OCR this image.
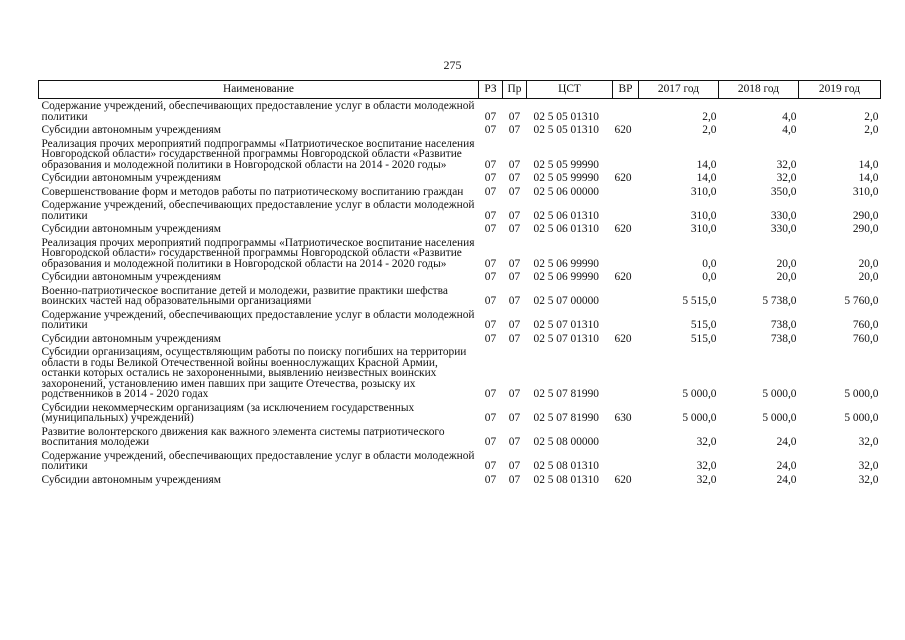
275
Наименование	РЗ	Пр	ЦСТ	ВР	2017 год	2018 год	2019 год
Содержание учреждений, обеспечивающих предоставление услуг в области молодежной политики	07	07	02 5 05 01310		2,0	4,0	2,0
Субсидии автономным учреждениям	07	07	02 5 05 01310	620	2,0	4,0	2,0
Реализация прочих мероприятий подпрограммы «Патриотическое воспитание населения Новгородской области» государственной программы Новгородской области «Развитие образования и молодежной политики в Новгородской области на 2014 - 2020 годы»	07	07	02 5 05 99990		14,0	32,0	14,0
Субсидии автономным учреждениям	07	07	02 5 05 99990	620	14,0	32,0	14,0
Совершенствование форм и методов работы по патриотическому воспитанию граждан	07	07	02 5 06 00000		310,0	350,0	310,0
Содержание учреждений, обеспечивающих предоставление услуг в области молодежной политики	07	07	02 5 06 01310		310,0	330,0	290,0
Субсидии автономным учреждениям	07	07	02 5 06 01310	620	310,0	330,0	290,0
Реализация прочих мероприятий подпрограммы «Патриотическое воспитание населения Новгородской области» государственной программы Новгородской области «Развитие образования и молодежной политики в Новгородской области на 2014 - 2020 годы»	07	07	02 5 06 99990		0,0	20,0	20,0
Субсидии автономным учреждениям	07	07	02 5 06 99990	620	0,0	20,0	20,0
Военно-патриотическое воспитание детей и молодежи, развитие практики шефства воинских частей над образовательными организациями	07	07	02 5 07 00000		5 515,0	5 738,0	5 760,0
Содержание учреждений, обеспечивающих предоставление услуг в области молодежной политики	07	07	02 5 07 01310		515,0	738,0	760,0
Субсидии автономным учреждениям	07	07	02 5 07 01310	620	515,0	738,0	760,0
Субсидии организациям, осуществляющим работы по поиску погибших на территории области в годы Великой Отечественной войны военнослужащих Красной Армии, останки которых остались не захороненными, выявлению неизвестных воинских захоронений, установлению имен павших при защите Отечества, розыску их родственников в 2014 - 2020 годах	07	07	02 5 07 81990		5 000,0	5 000,0	5 000,0
Субсидии некоммерческим организациям (за исключением государственных (муниципальных) учреждений)	07	07	02 5 07 81990	630	5 000,0	5 000,0	5 000,0
Развитие волонтерского движения как важного элемента системы патриотического воспитания молодежи	07	07	02 5 08 00000		32,0	24,0	32,0
Содержание учреждений, обеспечивающих предоставление услуг в области молодежной политики	07	07	02 5 08 01310		32,0	24,0	32,0
Субсидии автономным учреждениям	07	07	02 5 08 01310	620	32,0	24,0	32,0
